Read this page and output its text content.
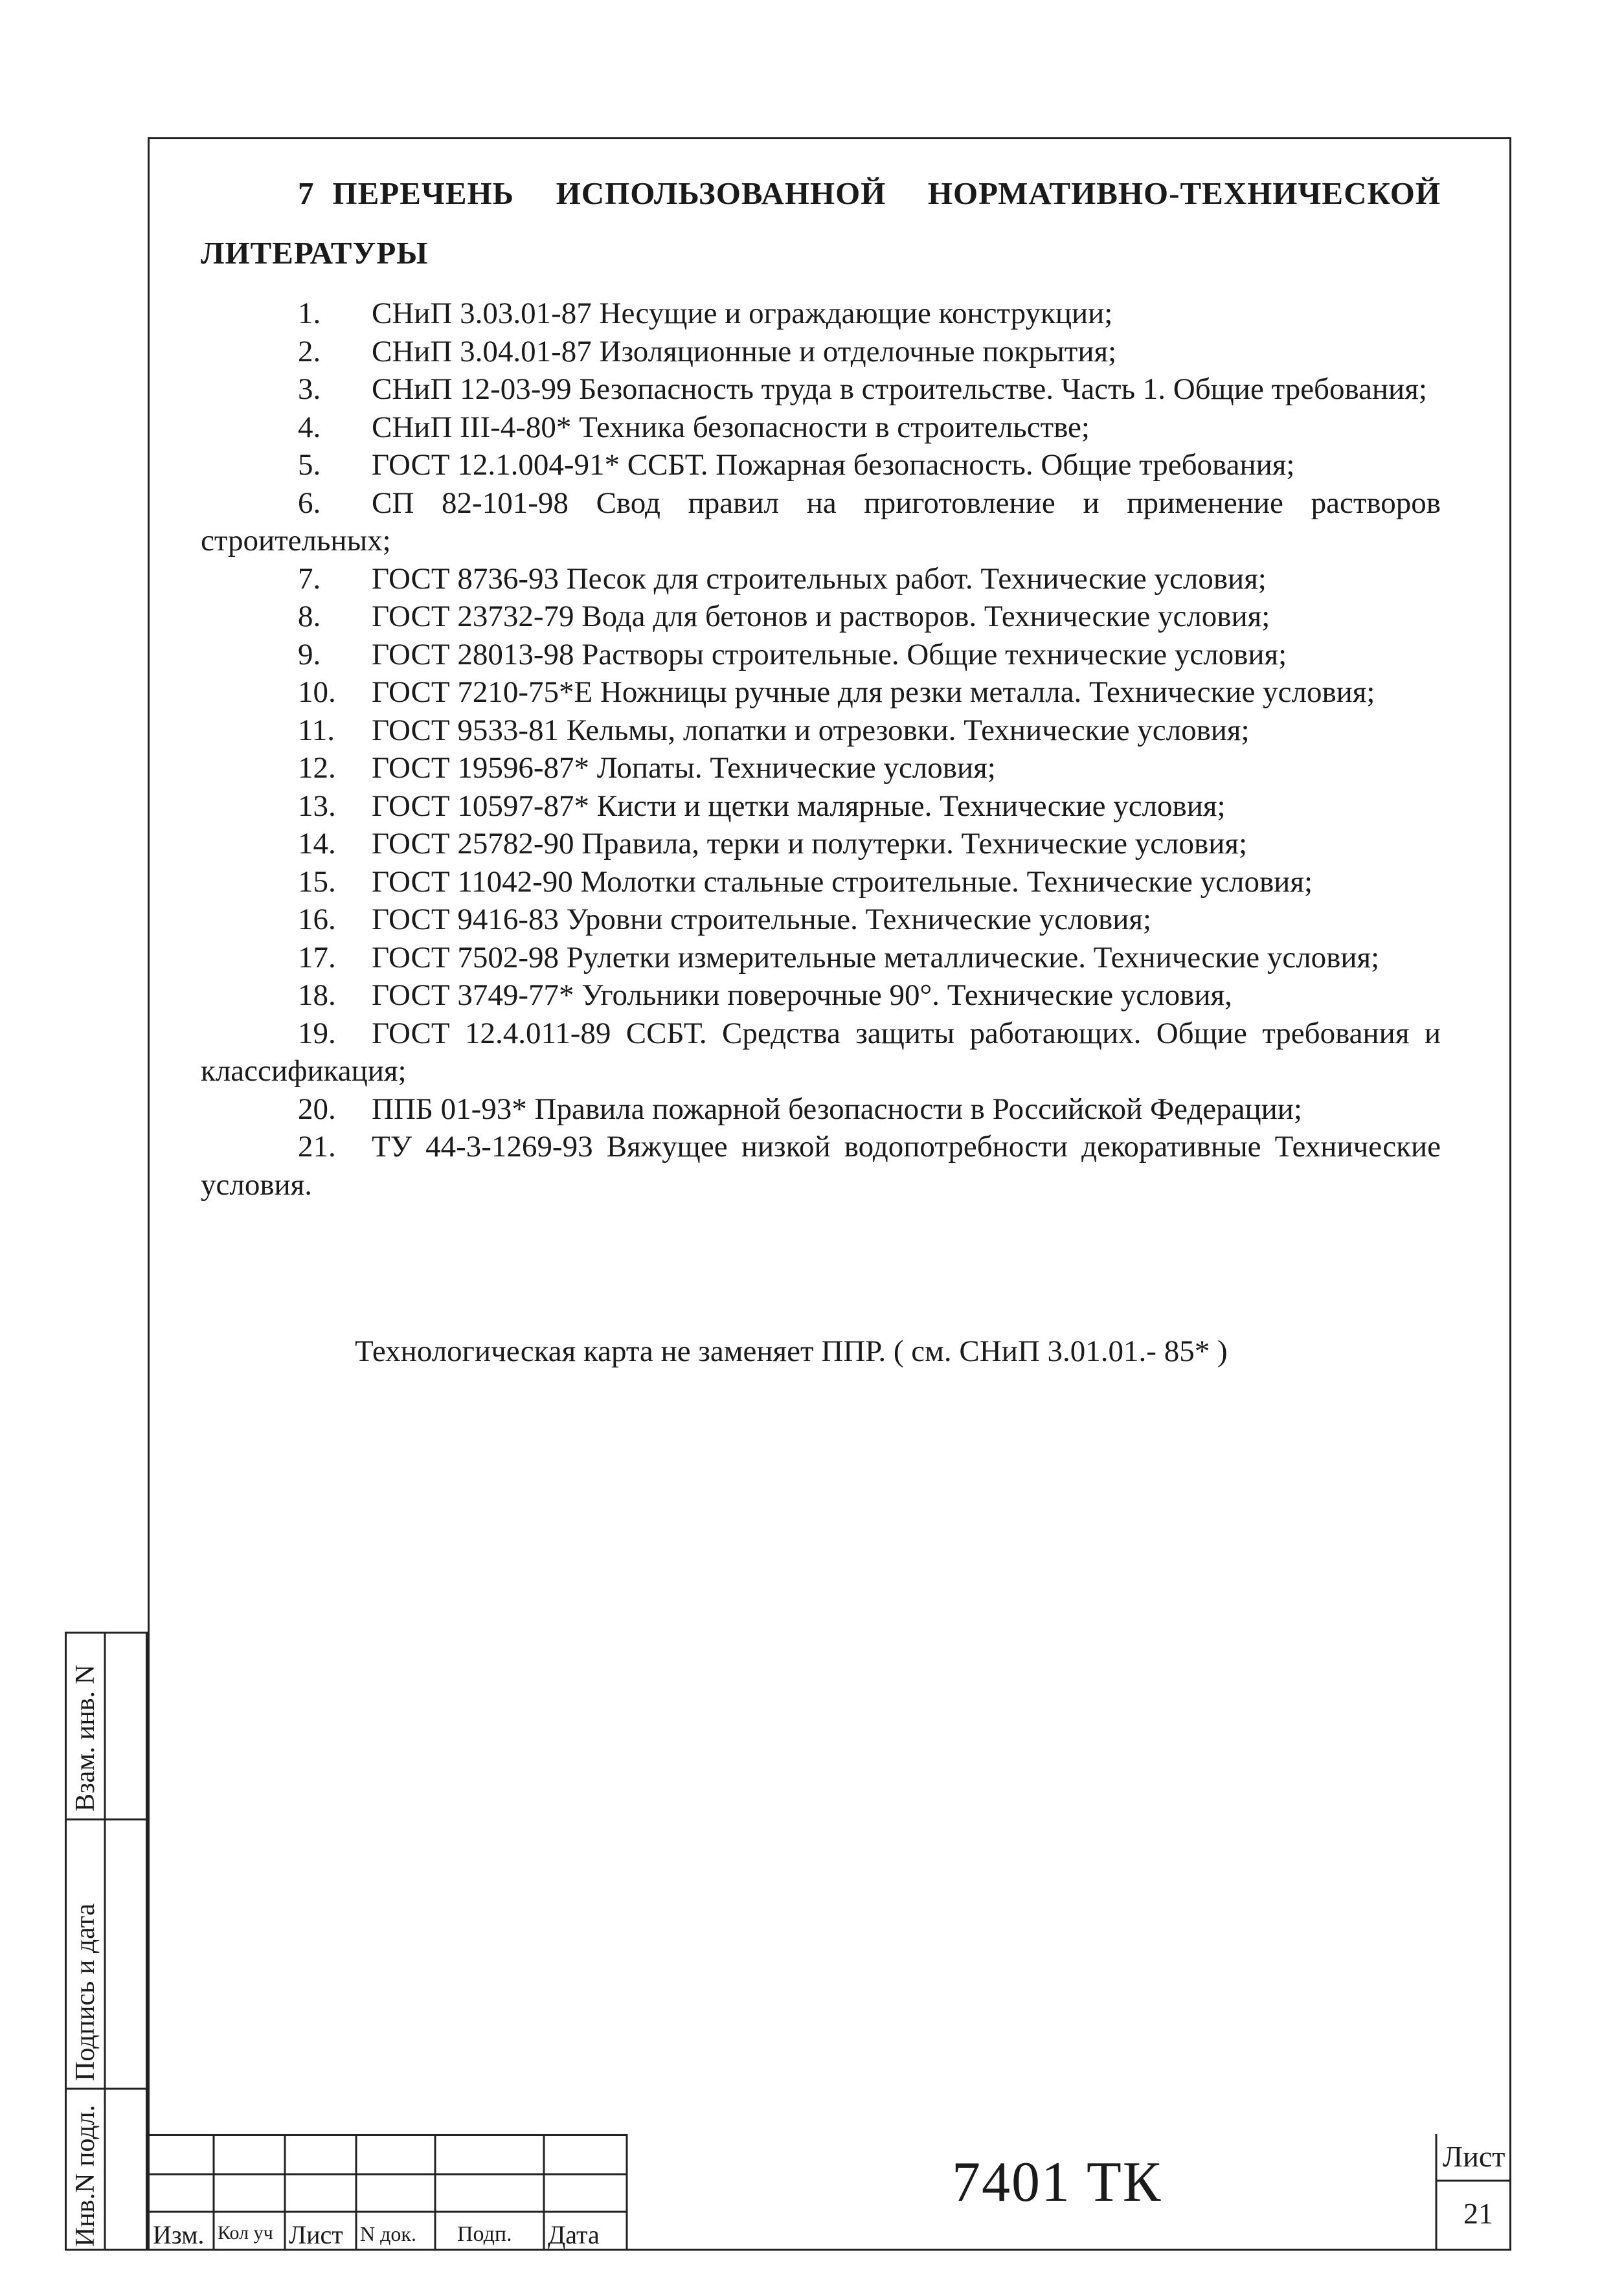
7 ПЕРЕЧЕНЬ ИСПОЛЬЗОВАННОЙ НОРМАТИВНО-ТЕХНИЧЕСКОЙ
ЛИТЕРАТУРЫ
1. СНиП 3.03.01-87 Несущие и ограждающие конструкции;
2. СНиП 3.04.01-87 Изоляционные и отделочные покрытия;
3. СНиП 12-03-99 Безопасность труда в строительстве. Часть 1. Общие требования;
4. СНиП III-4-80* Техника безопасности в строительстве;
5. ГОСТ 12.1.004-91* ССБТ. Пожарная безопасность. Общие требования;
6. СП 82-101-98 Свод правил на приготовление и применение растворов строительных;
7. ГОСТ 8736-93 Песок для строительных работ. Технические условия;
8. ГОСТ 23732-79 Вода для бетонов и растворов. Технические условия;
9. ГОСТ 28013-98 Растворы строительные. Общие технические условия;
10. ГОСТ 7210-75*Е Ножницы ручные для резки металла. Технические условия;
11. ГОСТ 9533-81 Кельмы, лопатки и отрезовки. Технические условия;
12. ГОСТ 19596-87* Лопаты. Технические условия;
13. ГОСТ 10597-87* Кисти и щетки малярные. Технические условия;
14. ГОСТ 25782-90 Правила, терки и полутерки. Технические условия;
15. ГОСТ 11042-90 Молотки стальные строительные. Технические условия;
16. ГОСТ 9416-83 Уровни строительные. Технические условия;
17. ГОСТ 7502-98 Рулетки измерительные металлические. Технические условия;
18. ГОСТ 3749-77* Угольники поверочные 90°. Технические условия,
19. ГОСТ 12.4.011-89 ССБТ. Средства защиты работающих. Общие требования и классификация;
20. ППБ 01-93* Правила пожарной безопасности в Российской Федерации;
21. ТУ 44-3-1269-93 Вяжущее низкой водопотребности декоративные Технические условия.
Технологическая карта не заменяет ППР. ( см. СНиП 3.01.01.- 85* )
Взам. инв. N
Подпись и дата
Инв.N подл. Изм. Кол уч Лист N док. Подп. Дата
7401 ТК	Лист
21
